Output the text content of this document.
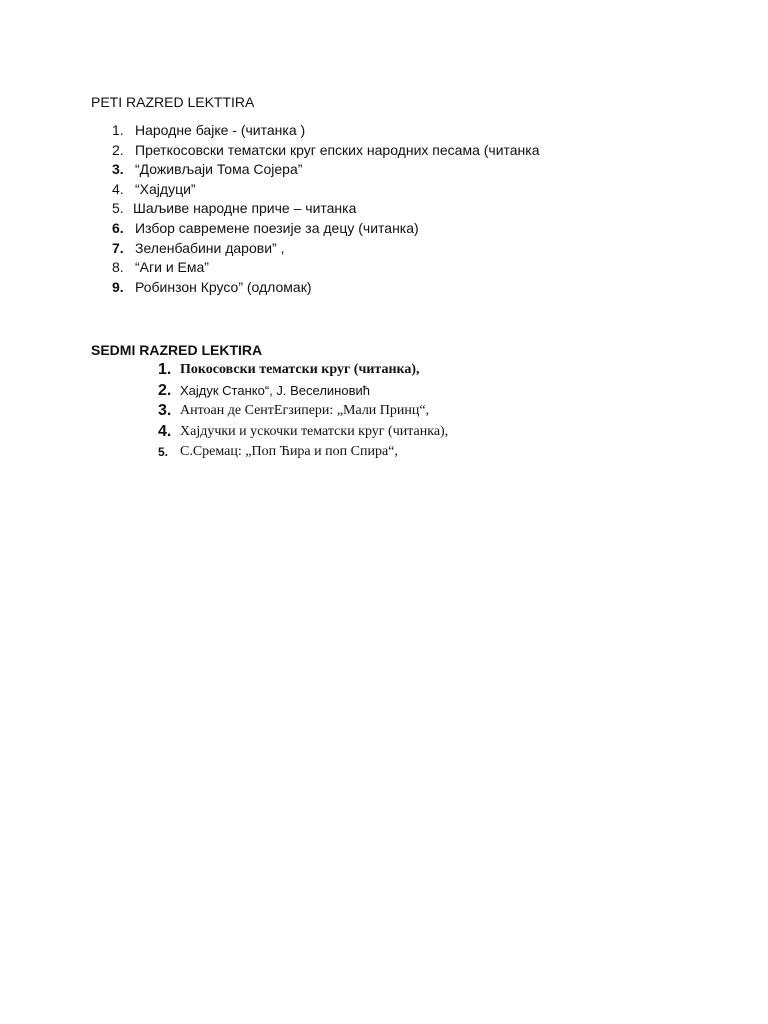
PETI RAZRED LEKTTIRA
1. Народне бајке - (читанка )
2. Преткосовски тематски круг епских народних песама (читанка
3. “Доживљаји Тома Сојера”
4. “Хајдуци”
5. Шаљиве народне приче – читанка
6. Избор савремене поезије за децу (читанка)
7. Зеленбабини дарови” ,
8. “Аги и Ема”
9. Робинзон Крусо” (одломак)
SEDMI RAZRED LEKTIRA
1. Покосовски тематски круг (читанка),
2. Хајдук Станко“, Ј. Веселиновић
3. Антоан де СентЕгзипери: „Мали Принц“,
4. Хајдучки и ускочки тематски круг (читанка),
5. С.Сремац: „Поп Ћира и поп Спира“,
